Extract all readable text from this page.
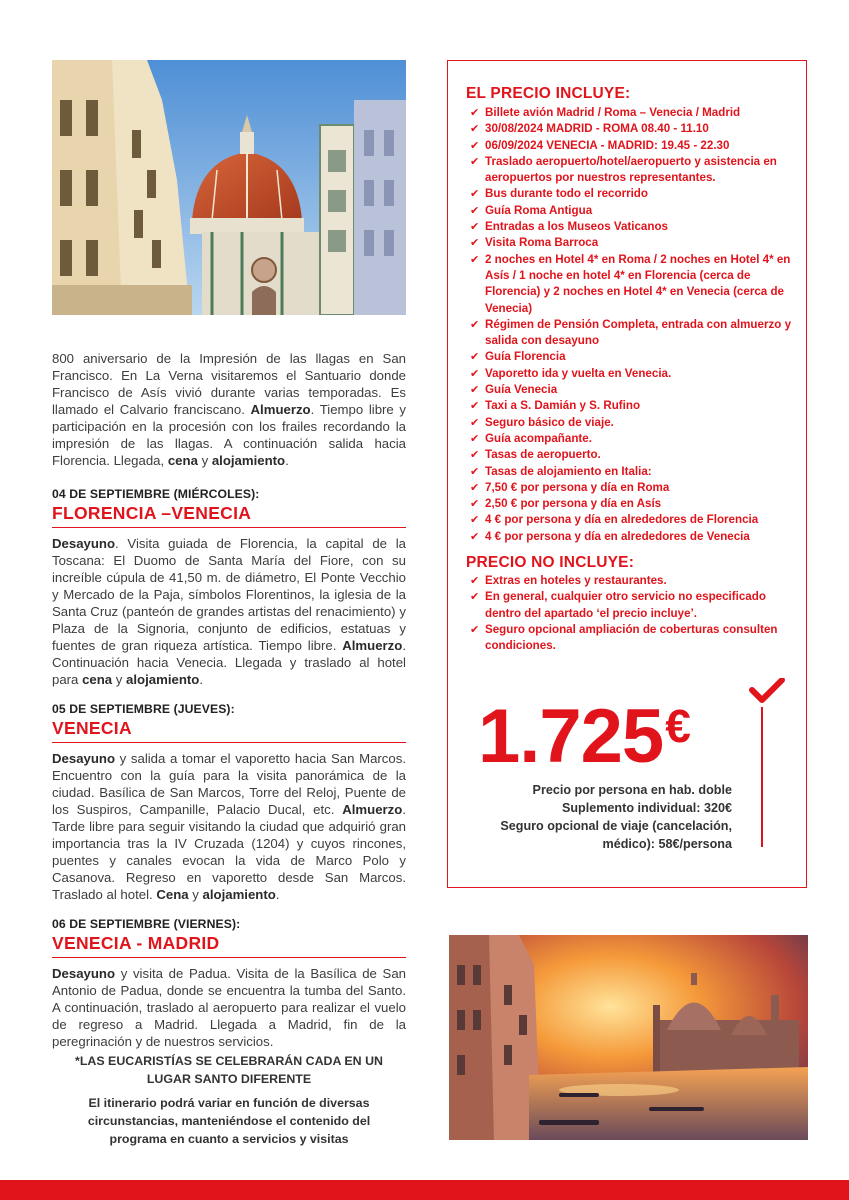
800 aniversario de la Impresión de las llagas en San Francisco. En La Verna visitaremos el Santuario donde Francisco de Asís vivió durante varias temporadas. Es llamado el Calvario franciscano. Almuerzo. Tiempo libre y participación en la procesión con los frailes recordando la impresión de las llagas. A continuación salida hacia Florencia. Llegada, cena y alojamiento.

04 DE SEPTIEMBRE (MIÉRCOLES):

FLORENCIA –VENECIA

Desayuno. Visita guiada de Florencia, la capital de la Toscana: El Duomo de Santa María del Fiore, con su increíble cúpula de 41,50 m. de diámetro, El Ponte Vecchio y Mercado de la Paja, símbolos Florentinos, la iglesia de la Santa Cruz (panteón de grandes artistas del renacimiento) y Plaza de la Signoria, conjunto de edificios, estatuas y fuentes de gran riqueza artística. Tiempo libre. Almuerzo. Continuación hacia Venecia. Llegada y traslado al hotel para cena y alojamiento.

05 DE SEPTIEMBRE (JUEVES):

VENECIA

Desayuno y salida a tomar el vaporetto hacia San Marcos. Encuentro con la guía para la visita panorámica de la ciudad. Basílica de San Marcos, Torre del Reloj, Puente de los Suspiros, Campanille, Palacio Ducal, etc. Almuerzo. Tarde libre para seguir visitando la ciudad que adquirió gran importancia tras la IV Cruzada (1204) y cuyos rincones, puentes y canales evocan la vida de Marco Polo y Casanova. Regreso en vaporetto desde San Marcos. Traslado al hotel. Cena y alojamiento.

06 DE SEPTIEMBRE (VIERNES):

VENECIA - MADRID

Desayuno y visita de Padua. Visita de la Basílica de San Antonio de Padua, donde se encuentra la tumba del Santo. A continuación, traslado al aeropuerto para realizar el vuelo de regreso a Madrid. Llegada a Madrid, fin de la peregrinación y de nuestros servicios.

*LAS EUCARISTÍAS SE CELEBRARÁN CADA EN UN

LUGAR SANTO DIFERENTE

El itinerario podrá variar en función de diversas

circunstancias, manteniéndose el contenido del

programa en cuanto a servicios y visitas

EL PRECIO INCLUYE:

✔ Billete avión Madrid / Roma – Venecia / Madrid
✔ 30/08/2024 MADRID - ROMA 08.40 - 11.10
✔ 06/09/2024 VENECIA - MADRID: 19.45 - 22.30
✔ Traslado aeropuerto/hotel/aeropuerto y asistencia en aeropuertos por nuestros representantes.
✔ Bus durante todo el recorrido
✔ Guía Roma Antigua
✔ Entradas a los Museos Vaticanos
✔ Visita Roma Barroca
✔ 2 noches en Hotel 4* en Roma / 2 noches en Hotel 4* en Asís / 1 noche en hotel 4* en Florencia (cerca de Florencia) y 2 noches en Hotel 4* en Venecia (cerca de Venecia)
✔ Régimen de Pensión Completa, entrada con almuerzo y salida con desayuno
✔ Guía Florencia
✔ Vaporetto ida y vuelta en Venecia.
✔ Guía Venecia
✔ Taxi a S. Damián y S. Rufino
✔ Seguro básico de viaje.
✔ Guía acompañante.
✔ Tasas de aeropuerto.
✔ Tasas de alojamiento en Italia:
✔ 7,50 € por persona y día en Roma
✔ 2,50 € por persona y día en Asís
✔ 4 € por persona y día en alrededores de Florencia
✔ 4 € por persona y día en alrededores de Venecia

PRECIO NO INCLUYE:

✔ Extras en hoteles y restaurantes.
✔ En general, cualquier otro servicio no especificado dentro del apartado ‘el precio incluye’.
✔ Seguro opcional ampliación de coberturas consulten condiciones.
1.725€
Precio por persona en hab. doble
Suplemento individual: 320€
Seguro opcional de viaje (cancelación,
médico): 58€/persona
